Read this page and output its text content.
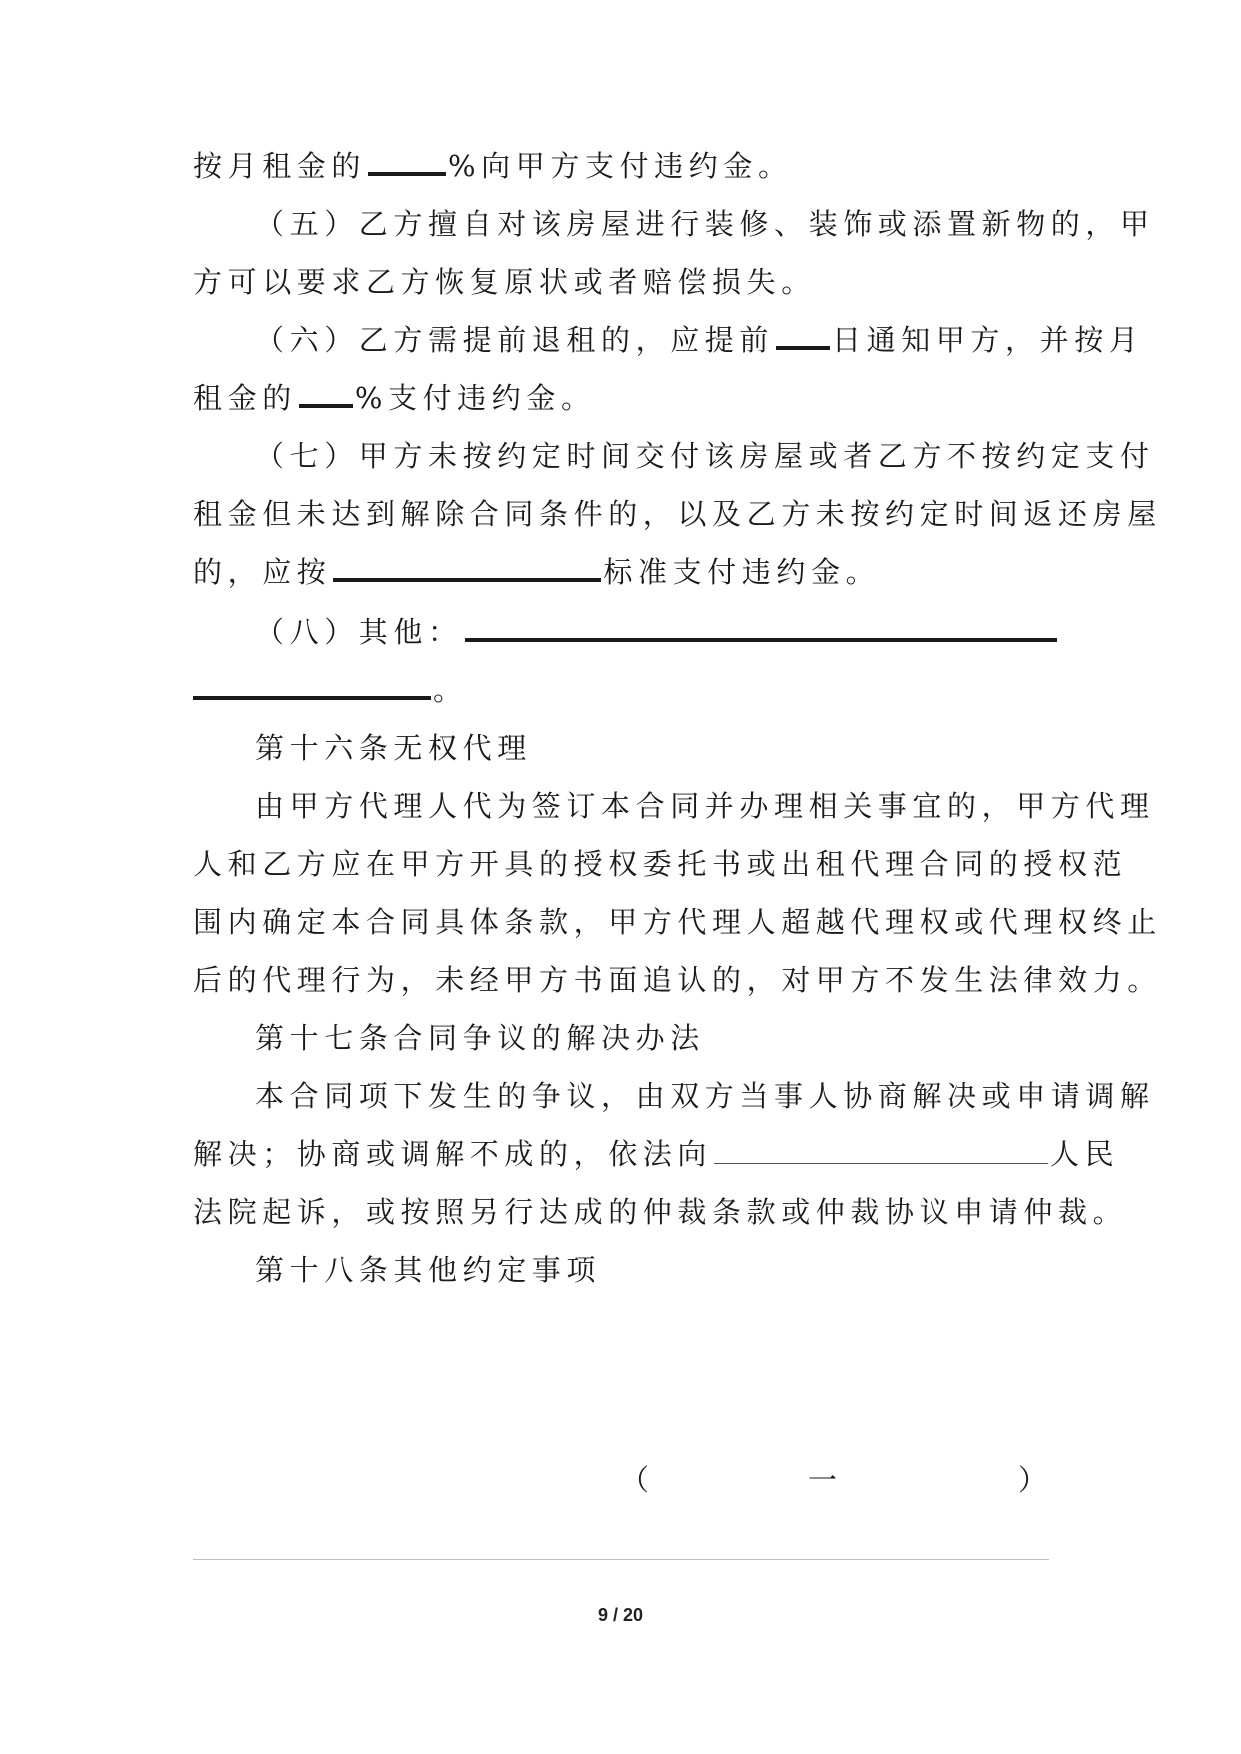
按月租金的	%向甲方支付违约金。
（五）乙方擅自对该房屋进行装修、装饰或添置新物的，甲
方可以要求乙方恢复原状或者赔偿损失。
（六）乙方需提前退租的，应提前 日通知甲方，并按月
租金的 %支付违约金。
（七）甲方未按约定时间交付该房屋或者乙方不按约定支付
租金但未达到解除合同条件的，以及乙方未按约定时间返还房屋
的，应按	标准支付违约金。
（八）其他：
。
第十六条无权代理
由甲方代理人代为签订本合同并办理相关事宜的，甲方代理
人和乙方应在甲方开具的授权委托书或出租代理合同的授权范
围内确定本合同具体条款，甲方代理人超越代理权或代理权终止
后的代理行为，未经甲方书面追认的，对甲方不发生法律效力。
第十七条合同争议的解决办法
本合同项下发生的争议，由双方当事人协商解决或申请调解
解决；协商或调解不成的，依法向	人民
法院起诉，或按照另行达成的仲裁条款或仲裁协议申请仲裁。
第十八条其他约定事项
（	一	）
9 / 20
